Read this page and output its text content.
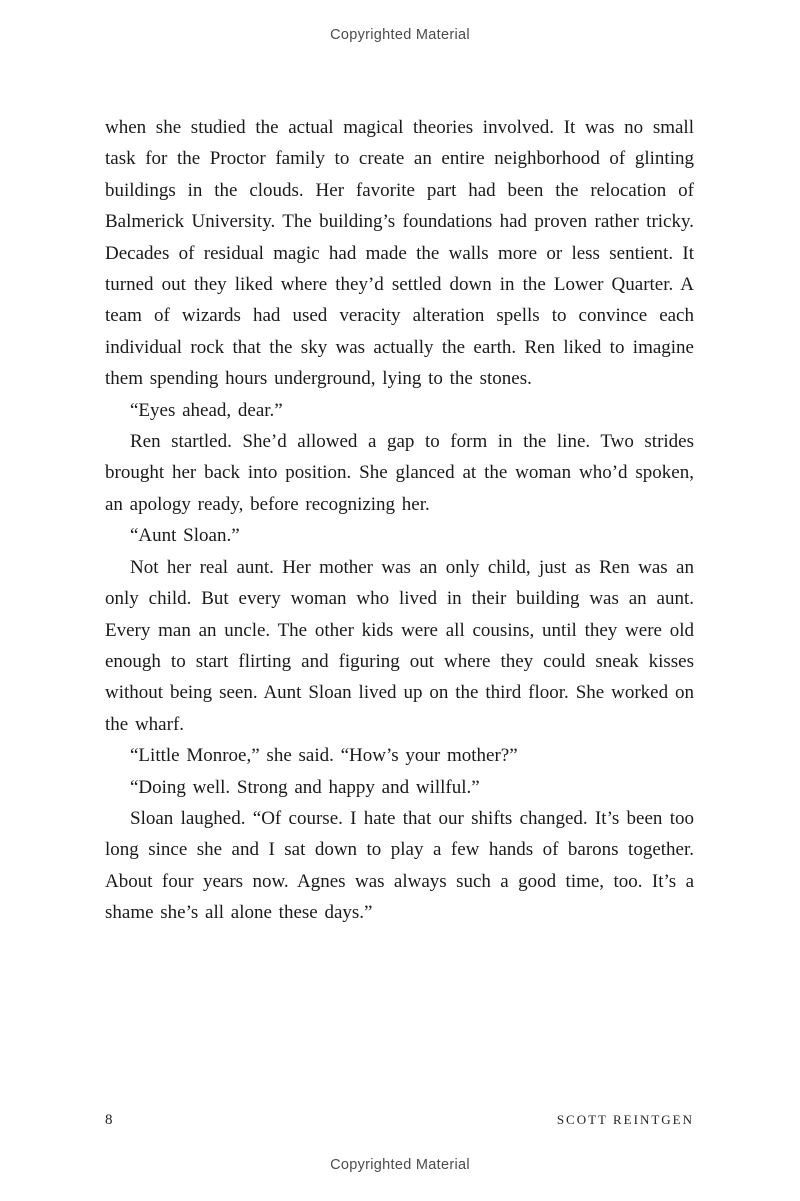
Copyrighted Material

when she studied the actual magical theories involved. It was no small task for the Proctor family to create an entire neighborhood of glinting buildings in the clouds. Her favorite part had been the relocation of Balmerick University. The building’s foundations had proven rather tricky. Decades of residual magic had made the walls more or less sentient. It turned out they liked where they’d settled down in the Lower Quarter. A team of wizards had used veracity alteration spells to convince each individual rock that the sky was actually the earth. Ren liked to imagine them spending hours underground, lying to the stones.

“Eyes ahead, dear.”

Ren startled. She’d allowed a gap to form in the line. Two strides brought her back into position. She glanced at the woman who’d spoken, an apology ready, before recognizing her.

“Aunt Sloan.”

Not her real aunt. Her mother was an only child, just as Ren was an only child. But every woman who lived in their building was an aunt. Every man an uncle. The other kids were all cousins, until they were old enough to start flirting and figuring out where they could sneak kisses without being seen. Aunt Sloan lived up on the third floor. She worked on the wharf.

“Little Monroe,” she said. “How’s your mother?”

“Doing well. Strong and happy and willful.”

Sloan laughed. “Of course. I hate that our shifts changed. It’s been too long since she and I sat down to play a few hands of barons together. About four years now. Agnes was always such a good time, too. It’s a shame she’s all alone these days.”

8	SCOTT REINTGEN
Copyrighted Material
